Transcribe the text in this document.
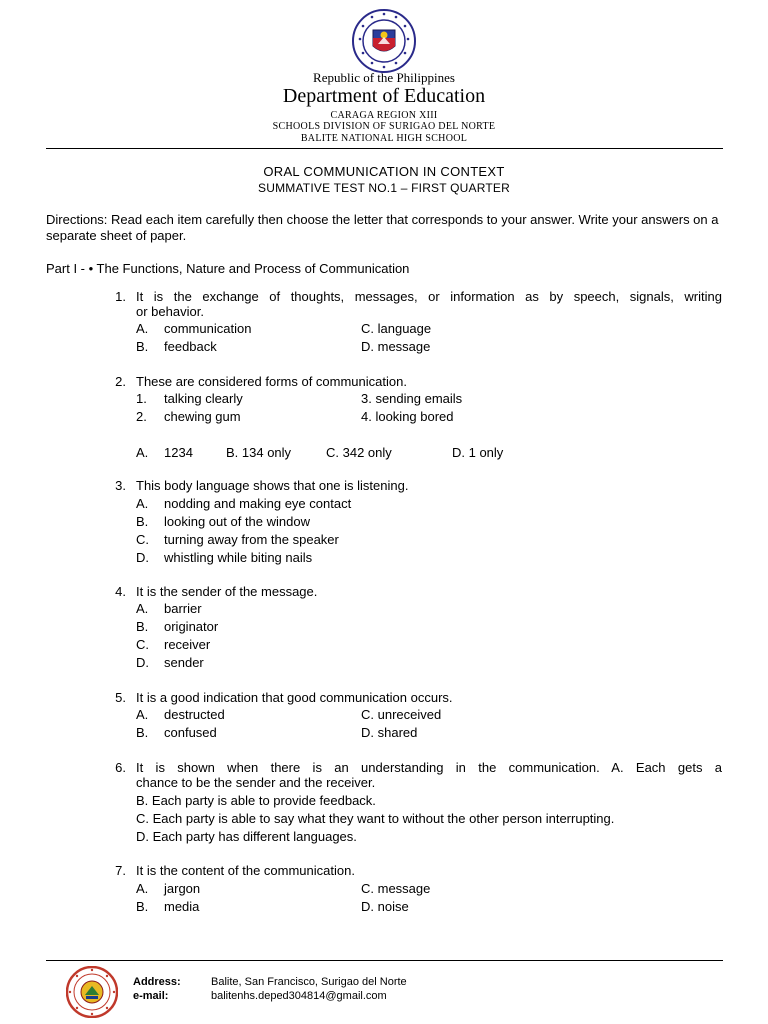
Republic of the Philippines
Department of Education
CARAGA REGION XIII
SCHOOLS DIVISION OF SURIGAO DEL NORTE
BALITE NATIONAL HIGH SCHOOL
ORAL COMMUNICATION IN CONTEXT
SUMMATIVE TEST NO.1 – FIRST QUARTER
Directions: Read each item carefully then choose the letter that corresponds to your answer. Write your answers on a separate sheet of paper.
Part I - • The Functions, Nature and Process of Communication
1. It is the exchange of thoughts, messages, or information as by speech, signals, writing
or behavior.
A. communication
B. feedback
C. language
D. message
2. These are considered forms of communication.
1. talking clearly
2. chewing gum
3. sending emails
4. looking bored
A. 1234	B. 134 only	C. 342 only	D. 1 only
3. This body language shows that one is listening.
A. nodding and making eye contact
B. looking out of the window
C. turning away from the speaker
D. whistling while biting nails
4. It is the sender of the message.
A. barrier
B. originator
C. receiver
D. sender
5. It is a good indication that good communication occurs.
A. destructed
B. confused
C. unreceived
D. shared
6. It is shown when there is an understanding in the communication. A. Each gets a
chance to be the sender and the receiver.
B. Each party is able to provide feedback.
C. Each party is able to say what they want to without the other person interrupting.
D. Each party has different languages.
7. It is the content of the communication.
A. jargon
B. media
C. message
D. noise
Address:	Balite, San Francisco, Surigao del Norte
e-mail:	balitenhs.deped304814@gmail.com
